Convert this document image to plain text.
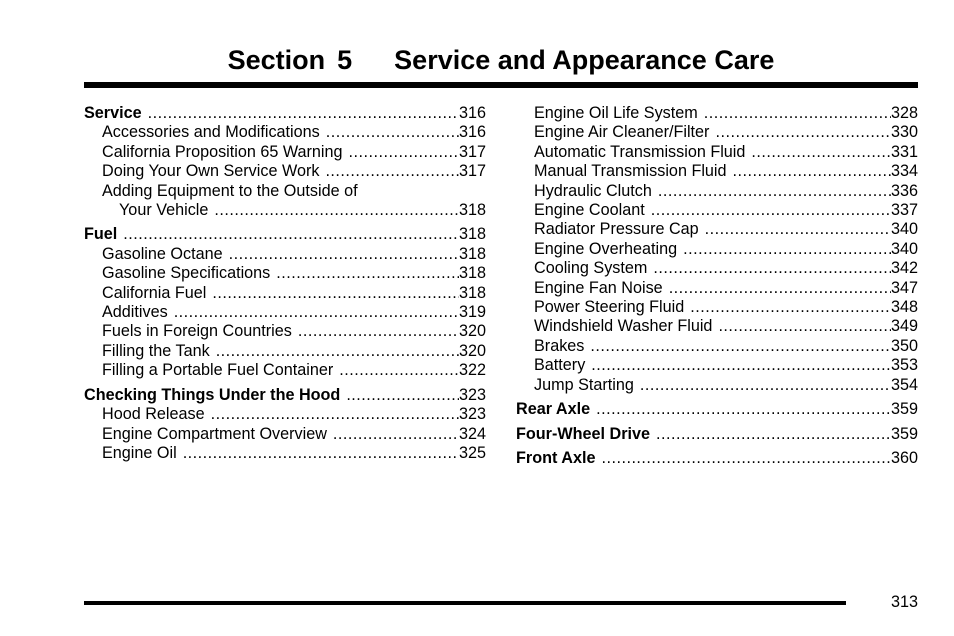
Section 5 Service and Appearance Care
Service .....	316
Accessories and Modifications .....	316
California Proposition 65 Warning .....	317
Doing Your Own Service Work .....	317
Adding Equipment to the Outside of
Your Vehicle .....	318
Fuel .....	318
Gasoline Octane .....	318
Gasoline Specifications .....	318
California Fuel .....	318
Additives .....	319
Fuels in Foreign Countries .....	320
Filling the Tank .....	320
Filling a Portable Fuel Container .....	322
Checking Things Under the Hood .....	323
Hood Release .....	323
Engine Compartment Overview .....	324
Engine Oil .....	325
Engine Oil Life System .....	328
Engine Air Cleaner/Filter .....	330
Automatic Transmission Fluid .....	331
Manual Transmission Fluid .....	334
Hydraulic Clutch .....	336
Engine Coolant .....	337
Radiator Pressure Cap .....	340
Engine Overheating .....	340
Cooling System .....	342
Engine Fan Noise .....	347
Power Steering Fluid .....	348
Windshield Washer Fluid .....	349
Brakes .....	350
Battery .....	353
Jump Starting .....	354
Rear Axle .....	359
Four-Wheel Drive .....	359
Front Axle .....	360
313
